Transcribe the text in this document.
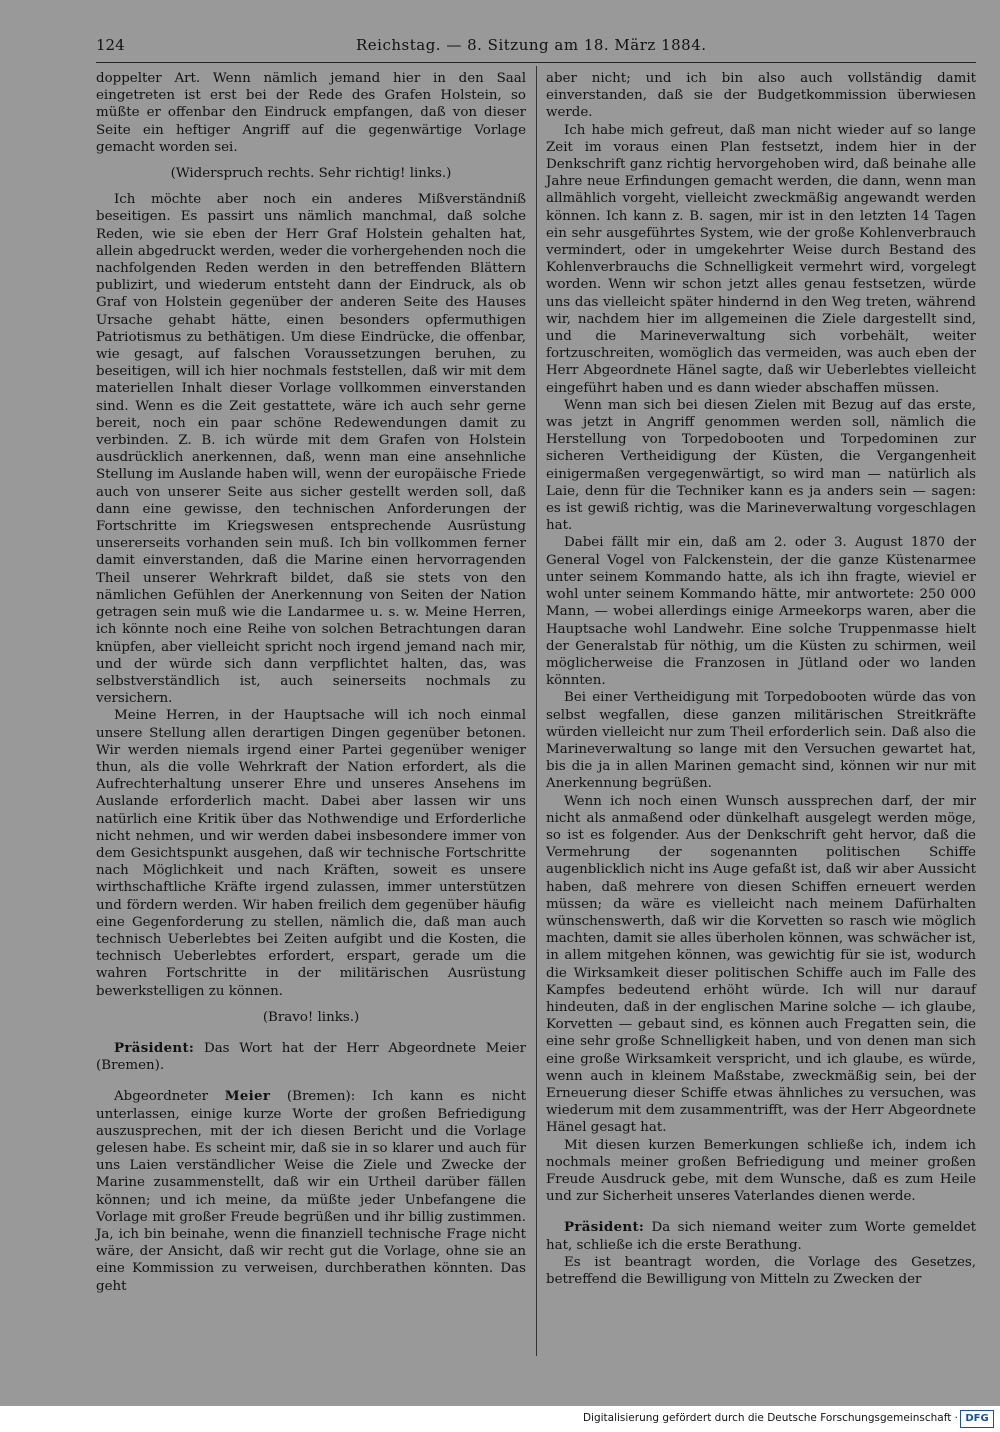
124	Reichstag. — 8. Sitzung am 18. März 1884.

doppelter Art. Wenn nämlich jemand hier in den Saal eingetreten ist erst bei der Rede des Grafen Holstein, so müßte er offenbar den Eindruck empfangen, daß von dieser Seite ein heftiger Angriff auf die gegenwärtige Vorlage gemacht worden sei.

(Widerspruch rechts. Sehr richtig! links.)

Ich möchte aber noch ein anderes Mißverständniß beseitigen. Es passirt uns nämlich manchmal, daß solche Reden, wie sie eben der Herr Graf Holstein gehalten hat, allein abgedruckt werden, weder die vorhergehenden noch die nachfolgenden Reden werden in den betreffenden Blättern publizirt, und wiederum entsteht dann der Eindruck, als ob Graf von Holstein gegenüber der anderen Seite des Hauses Ursache gehabt hätte, einen besonders opfermuthigen Patriotismus zu bethätigen. Um diese Eindrücke, die offenbar, wie gesagt, auf falschen Voraussetzungen beruhen, zu beseitigen, will ich hier nochmals feststellen, daß wir mit dem materiellen Inhalt dieser Vorlage vollkommen einverstanden sind. Wenn es die Zeit gestattete, wäre ich auch sehr gerne bereit, noch ein paar schöne Redewendungen damit zu verbinden. Z. B. ich würde mit dem Grafen von Holstein ausdrücklich anerkennen, daß, wenn man eine ansehnliche Stellung im Auslande haben will, wenn der europäische Friede auch von unserer Seite aus sicher gestellt werden soll, daß dann eine gewisse, den technischen Anforderungen der Fortschritte im Kriegswesen entsprechende Ausrüstung unsererseits vorhanden sein muß. Ich bin vollkommen ferner damit einverstanden, daß die Marine einen hervorragenden Theil unserer Wehrkraft bildet, daß sie stets von den nämlichen Gefühlen der Anerkennung von Seiten der Nation getragen sein muß wie die Landarmee u. s. w. Meine Herren, ich könnte noch eine Reihe von solchen Betrachtungen daran knüpfen, aber vielleicht spricht noch irgend jemand nach mir, und der würde sich dann verpflichtet halten, das, was selbstverständlich ist, auch seinerseits nochmals zu versichern.

Meine Herren, in der Hauptsache will ich noch einmal unsere Stellung allen derartigen Dingen gegenüber betonen. Wir werden niemals irgend einer Partei gegenüber weniger thun, als die volle Wehrkraft der Nation erfordert, als die Aufrechterhaltung unserer Ehre und unseres Ansehens im Auslande erforderlich macht. Dabei aber lassen wir uns natürlich eine Kritik über das Nothwendige und Erforderliche nicht nehmen, und wir werden dabei insbesondere immer von dem Gesichtspunkt ausgehen, daß wir technische Fortschritte nach Möglichkeit und nach Kräften, soweit es unsere wirthschaftliche Kräfte irgend zulassen, immer unterstützen und fördern werden. Wir haben freilich dem gegenüber häufig eine Gegenforderung zu stellen, nämlich die, daß man auch technisch Ueberlebtes bei Zeiten aufgibt und die Kosten, die technisch Ueberlebtes erfordert, erspart, gerade um die wahren Fortschritte in der militärischen Ausrüstung bewerkstelligen zu können.

(Bravo! links.)

Präsident: Das Wort hat der Herr Abgeordnete Meier (Bremen).

Abgeordneter Meier (Bremen): Ich kann es nicht unterlassen, einige kurze Worte der großen Befriedigung auszusprechen, mit der ich diesen Bericht und die Vorlage gelesen habe. Es scheint mir, daß sie in so klarer und auch für uns Laien verständlicher Weise die Ziele und Zwecke der Marine zusammenstellt, daß wir ein Urtheil darüber fällen können; und ich meine, da müßte jeder Unbefangene die Vorlage mit großer Freude begrüßen und ihr billig zustimmen. Ja, ich bin beinahe, wenn die finanziell technische Frage nicht wäre, der Ansicht, daß wir recht gut die Vorlage, ohne sie an eine Kommission zu verweisen, durchberathen könnten. Das geht

aber nicht; und ich bin also auch vollständig damit einverstanden, daß sie der Budgetkommission überwiesen werde.

Ich habe mich gefreut, daß man nicht wieder auf so lange Zeit im voraus einen Plan festsetzt, indem hier in der Denkschrift ganz richtig hervorgehoben wird, daß beinahe alle Jahre neue Erfindungen gemacht werden, die dann, wenn man allmählich vorgeht, vielleicht zweckmäßig angewandt werden können. Ich kann z. B. sagen, mir ist in den letzten 14 Tagen ein sehr ausgeführtes System, wie der große Kohlenverbrauch vermindert, oder in umgekehrter Weise durch Bestand des Kohlenverbrauchs die Schnelligkeit vermehrt wird, vorgelegt worden. Wenn wir schon jetzt alles genau festsetzen, würde uns das vielleicht später hindernd in den Weg treten, während wir, nachdem hier im allgemeinen die Ziele dargestellt sind, und die Marineverwaltung sich vorbehält, weiter fortzuschreiten, womöglich das vermeiden, was auch eben der Herr Abgeordnete Hänel sagte, daß wir Ueberlebtes vielleicht eingeführt haben und es dann wieder abschaffen müssen.

Wenn man sich bei diesen Zielen mit Bezug auf das erste, was jetzt in Angriff genommen werden soll, nämlich die Herstellung von Torpedobooten und Torpedominen zur sicheren Vertheidigung der Küsten, die Vergangenheit einigermaßen vergegenwärtigt, so wird man — natürlich als Laie, denn für die Techniker kann es ja anders sein — sagen: es ist gewiß richtig, was die Marineverwaltung vorgeschlagen hat.

Dabei fällt mir ein, daß am 2. oder 3. August 1870 der General Vogel von Falckenstein, der die ganze Küstenarmee unter seinem Kommando hatte, als ich ihn fragte, wieviel er wohl unter seinem Kommando hätte, mir antwortete: 250 000 Mann, — wobei allerdings einige Armeekorps waren, aber die Hauptsache wohl Landwehr. Eine solche Truppenmasse hielt der Generalstab für nöthig, um die Küsten zu schirmen, weil möglicherweise die Franzosen in Jütland oder wo landen könnten.

Bei einer Vertheidigung mit Torpedobooten würde das von selbst wegfallen, diese ganzen militärischen Streitkräfte würden vielleicht nur zum Theil erforderlich sein. Daß also die Marineverwaltung so lange mit den Versuchen gewartet hat, bis die ja in allen Marinen gemacht sind, können wir nur mit Anerkennung begrüßen.

Wenn ich noch einen Wunsch aussprechen darf, der mir nicht als anmaßend oder dünkelhaft ausgelegt werden möge, so ist es folgender. Aus der Denkschrift geht hervor, daß die Vermehrung der sogenannten politischen Schiffe augenblicklich nicht ins Auge gefaßt ist, daß wir aber Aussicht haben, daß mehrere von diesen Schiffen erneuert werden müssen; da wäre es vielleicht nach meinem Dafürhalten wünschenswerth, daß wir die Korvetten so rasch wie möglich machten, damit sie alles überholen können, was schwächer ist, in allem mitgehen können, was gewichtig für sie ist, wodurch die Wirksamkeit dieser politischen Schiffe auch im Falle des Kampfes bedeutend erhöht würde. Ich will nur darauf hindeuten, daß in der englischen Marine solche — ich glaube, Korvetten — gebaut sind, es können auch Fregatten sein, die eine sehr große Schnelligkeit haben, und von denen man sich eine große Wirksamkeit verspricht, und ich glaube, es würde, wenn auch in kleinem Maßstabe, zweckmäßig sein, bei der Erneuerung dieser Schiffe etwas ähnliches zu versuchen, was wiederum mit dem zusammentrifft, was der Herr Abgeordnete Hänel gesagt hat.

Mit diesen kurzen Bemerkungen schließe ich, indem ich nochmals meiner großen Befriedigung und meiner großen Freude Ausdruck gebe, mit dem Wunsche, daß es zum Heile und zur Sicherheit unseres Vaterlandes dienen werde.

Präsident: Da sich niemand weiter zum Worte gemeldet hat, schließe ich die erste Berathung.

Es ist beantragt worden, die Vorlage des Gesetzes, betreffend die Bewilligung von Mitteln zu Zwecken der

Digitalisierung gefördert durch die Deutsche Forschungsgemeinschaft · DFG
